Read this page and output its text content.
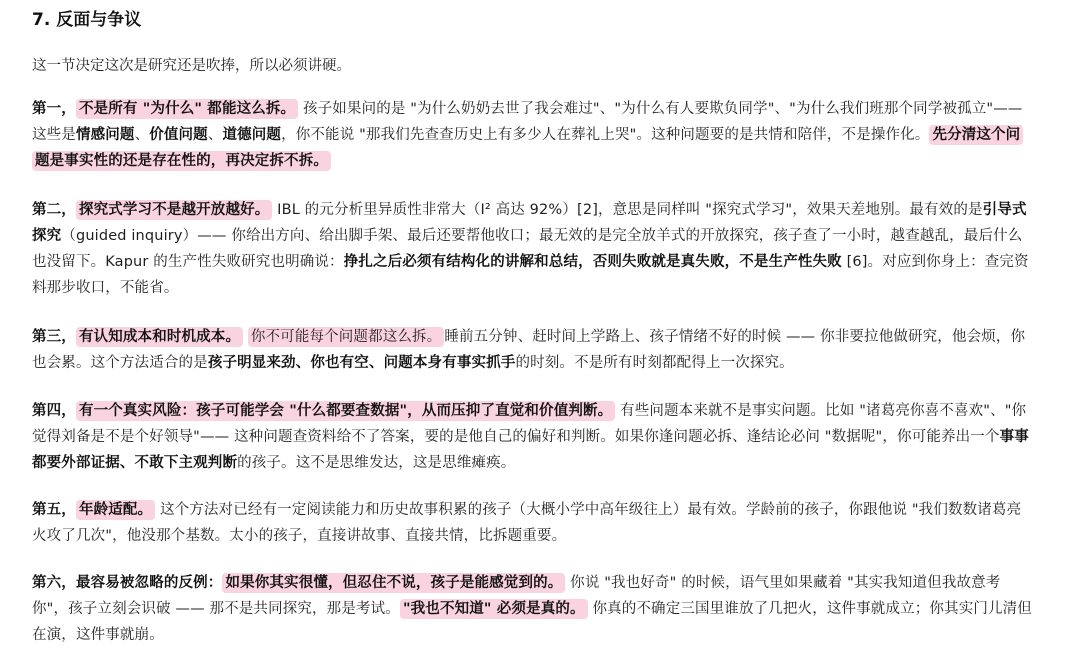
7. 反面与争议
这一节决定这次是研究还是吹捧，所以必须讲硬。
第一， 不是所有 "为什么" 都能这么拆。 孩子如果问的是 "为什么奶奶去世了我会难过"、"为什么有人要欺负同学"、"为什么我们班那个同学被孤立"—— 这些是情感问题、价值问题、道德问题，你不能说 "那我们先查查历史上有多少人在葬礼上哭"。这种问题要的是共情和陪伴，不是操作化。 先分清这个问题是事实性的还是存在性的，再决定拆不拆。
第二， 探究式学习不是越开放越好。 IBL 的元分析里异质性非常大（I² 高达 92%）[2]，意思是同样叫 "探究式学习"，效果天差地别。最有效的是引导式探究（guided inquiry）—— 你给出方向、给出脚手架、最后还要帮他收口；最无效的是完全放羊式的开放探究，孩子查了一小时，越查越乱，最后什么也没留下。Kapur 的生产性失败研究也明确说：挣扎之后必须有结构化的讲解和总结，否则失败就是真失败，不是生产性失败 [6]。对应到你身上：查完资料那步收口，不能省。
第三， 有认知成本和时机成本。 你不可能每个问题都这么拆。 睡前五分钟、赶时间上学路上、孩子情绪不好的时候 —— 你非要拉他做研究，他会烦，你也会累。这个方法适合的是孩子明显来劲、你也有空、问题本身有事实抓手的时刻。不是所有时刻都配得上一次探究。
第四， 有一个真实风险：孩子可能学会 "什么都要查数据"，从而压抑了直觉和价值判断。 有些问题本来就不是事实问题。比如 "诸葛亮你喜不喜欢"、"你觉得刘备是不是个好领导"—— 这种问题查资料给不了答案，要的是他自己的偏好和判断。如果你逢问题必拆、逢结论必问 "数据呢"，你可能养出一个事事都要外部证据、不敢下主观判断的孩子。这不是思维发达，这是思维瘫痪。
第五， 年龄适配。 这个方法对已经有一定阅读能力和历史故事积累的孩子（大概小学中高年级往上）最有效。学龄前的孩子，你跟他说 "我们数数诸葛亮火攻了几次"，他没那个基数。太小的孩子，直接讲故事、直接共情，比拆题重要。
第六，最容易被忽略的反例： 如果你其实很懂，但忍住不说，孩子是能感觉到的。 你说 "我也好奇" 的时候，语气里如果藏着 "其实我知道但我故意考你"，孩子立刻会识破 —— 那不是共同探究，那是考试。 "我也不知道" 必须是真的。 你真的不确定三国里谁放了几把火，这件事就成立；你其实门儿清但在演，这件事就崩。
